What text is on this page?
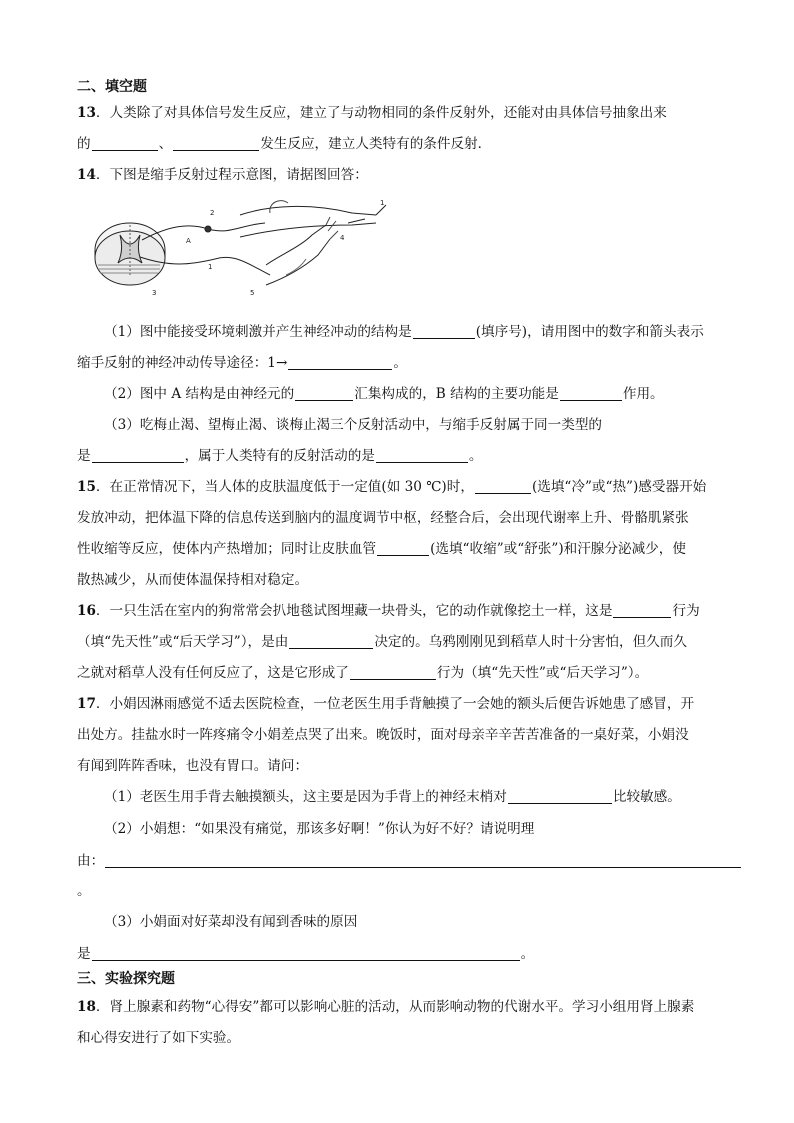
二、填空题
13．人类除了对具体信号发生反应，建立了与动物相同的条件反射外，还能对由具体信号抽象出来
的	、	发生反应，建立人类特有的条件反射．
14．下图是缩手反射过程示意图，请据图回答：
1
2
3
4
5
A
1
（1）图中能接受环境刺激并产生神经冲动的结构是	(填序号)，请用图中的数字和箭头表示
缩手反射的神经冲动传导途径：1→	。
（2）图中 A 结构是由神经元的	汇集构成的，B 结构的主要功能是	作用。
（3）吃梅止渴、望梅止渴、谈梅止渴三个反射活动中，与缩手反射属于同一类型的
是	，属于人类特有的反射活动的是	。
15．在正常情况下，当人体的皮肤温度低于一定值(如 30 ℃)时，	(选填“冷”或“热”)感受器开始
发放冲动，把体温下降的信息传送到脑内的温度调节中枢，经整合后，会出现代谢率上升、骨骼肌紧张
性收缩等反应，使体内产热增加；同时让皮肤血管	(选填“收缩”或“舒张”)和汗腺分泌减少，使
散热减少，从而使体温保持相对稳定。
16．一只生活在室内的狗常常会扒地毯试图埋藏一块骨头，它的动作就像挖土一样，这是	行为
（填“先天性”或“后天学习”），是由	决定的。乌鸦刚刚见到稻草人时十分害怕，但久而久
之就对稻草人没有任何反应了，这是它形成了	行为（填“先天性”或“后天学习”）。
17．小娟因淋雨感觉不适去医院检查，一位老医生用手背触摸了一会她的额头后便告诉她患了感冒，开
出处方。挂盐水时一阵疼痛令小娟差点哭了出来。晚饭时，面对母亲辛辛苦苦准备的一桌好菜，小娟没
有闻到阵阵香味，也没有胃口。请问：
（1）老医生用手背去触摸额头，这主要是因为手背上的神经末梢对	比较敏感。
（2）小娟想：“如果没有痛觉，那该多好啊！”你认为好不好？请说明理
由：
。
（3）小娟面对好菜却没有闻到香味的原因
是	。
三、实验探究题
18．肾上腺素和药物“心得安”都可以影响心脏的活动，从而影响动物的代谢水平。学习小组用肾上腺素
和心得安进行了如下实验。
